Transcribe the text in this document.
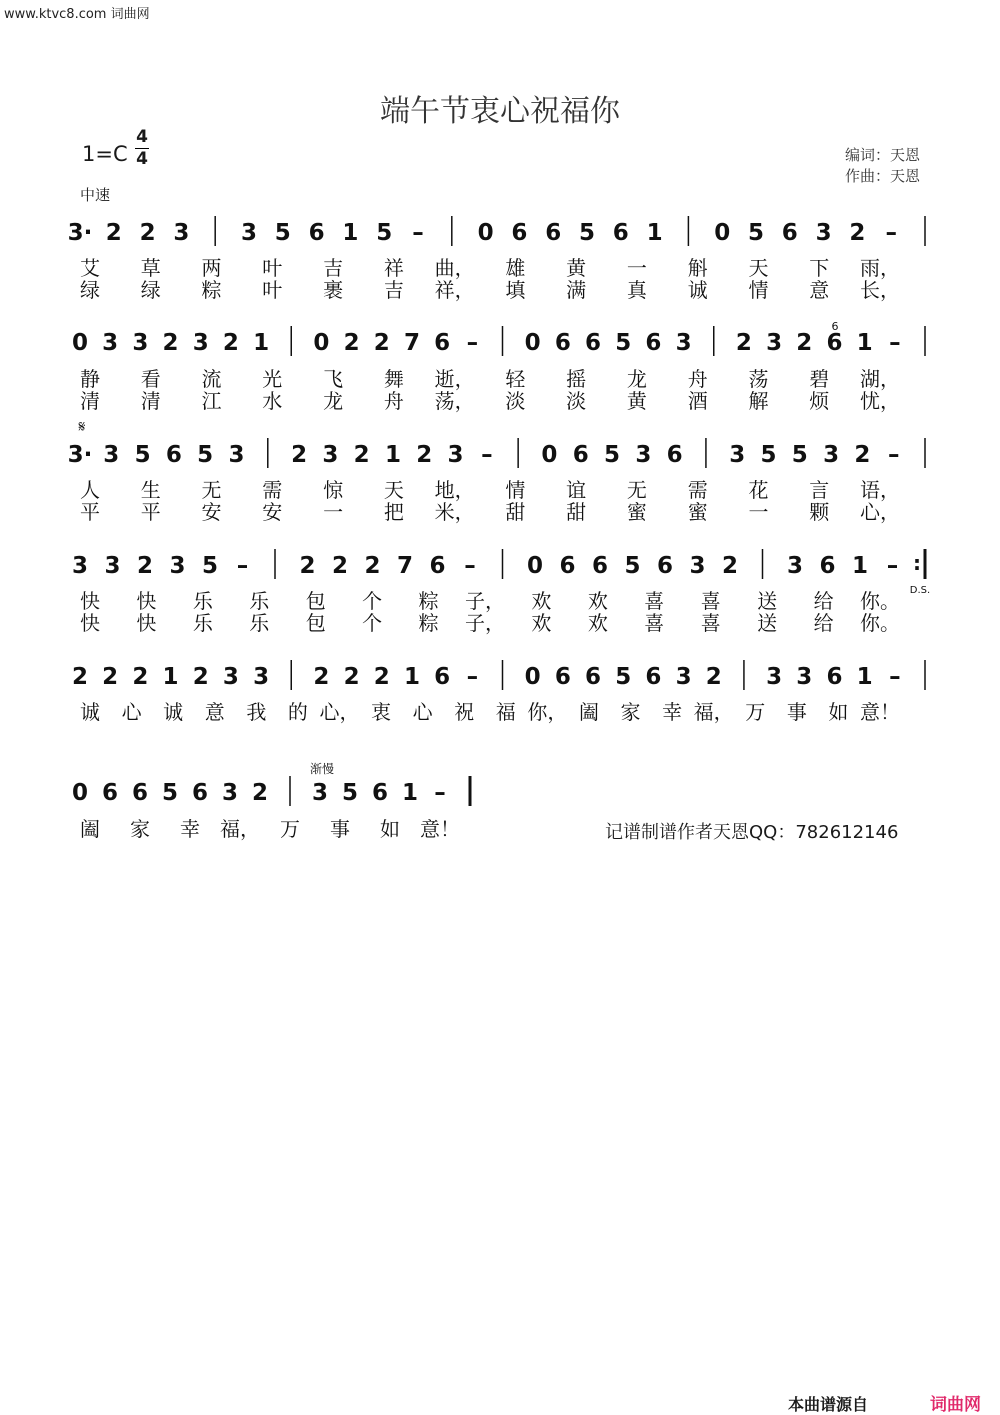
www.ktvc8.com 词曲网
端午节衷心祝福你
1=C
4
4	编词：天恩
作曲：天恩
中速
3· 2 2 3 3 5 6 1 5 – 0 6 6 5 6 1 0 5 6 3 2 –
艾 草 两 叶 吉 祥 曲， 雄 黄 一 斛 天 下 雨，
绿 绿 粽 叶 裹 吉 祥， 填 满 真 诚 情 意 长，
0 3 3 2 3 2 1 0 2 2 7 6 – 0 6 6 5 6 3 2 3 2 6 1 –
6
静 看 流 光 飞 舞 逝， 轻 摇 龙 舟 荡 碧 湖，
清 清 江 水 龙 舟 荡， 淡 淡 黄 酒 解 烦 忧，
3· 3 5 6 5 3 2 3 2 1 2 3 – 0 6 5 3 6 3 5 5 3 2 –
𝄋
人 生 无 需 惊 天 地， 情 谊 无 需 花 言 语，
平 平 安 安 一 把 米， 甜 甜 蜜 蜜 一 颗 心，
3 3 2 3 5 – 2 2 2 7 6 – 0 6 6 5 6 3 2 3 6 1 – :
D.S.
快 快 乐 乐 包 个 粽 子， 欢 欢 喜 喜 送 给 你。
快 快 乐 乐 包 个 粽 子， 欢 欢 喜 喜 送 给 你。
2 2 2 1 2 3 3 2 2 2 1 6 – 0 6 6 5 6 3 2 3 3 6 1 –
诚 心 诚 意 我 的 心， 衷 心 祝 福 你， 阖 家 幸 福， 万 事 如 意！
0 6 6 5 6 3 2 3 5 6 1 –
渐慢
阖 家 幸 福， 万 事 如 意！	记谱制谱作者天恩QQ：782612146
本曲谱源自	词曲网
